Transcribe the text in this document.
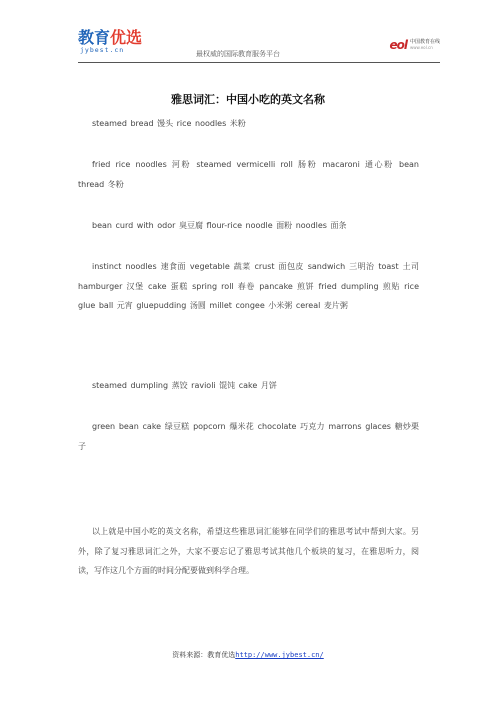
教育优选
jybest.cn	最权威的国际教育服务平台
eol 中国教育在线
www.eol.cn
雅思词汇：中国小吃的英文名称

steamed bread 馒头 rice noodles 米粉

fried rice noodles 河粉 steamed vermicelli roll 肠粉 macaroni 通心粉 bean thread 冬粉

bean curd with odor 臭豆腐 flour-rice noodle 面粉 noodles 面条

instinct noodles 速食面 vegetable 蔬菜 crust 面包皮 sandwich 三明治 toast 土司 hamburger 汉堡 cake 蛋糕 spring roll 春卷 pancake 煎饼 fried dumpling 煎贴 rice glue ball 元宵 gluepudding 汤圆 millet congee 小米粥 cereal 麦片粥

steamed dumpling 蒸饺 ravioli 馄饨 cake 月饼

green bean cake 绿豆糕 popcorn 爆米花 chocolate 巧克力 marrons glaces 糖炒栗子

以上就是中国小吃的英文名称，希望这些雅思词汇能够在同学们的雅思考试中帮到大家。另外，除了复习雅思词汇之外，大家不要忘记了雅思考试其他几个板块的复习，在雅思听力，阅读，写作这几个方面的时间分配要做到科学合理。

资料来源：教育优选http://www.jybest.cn/
